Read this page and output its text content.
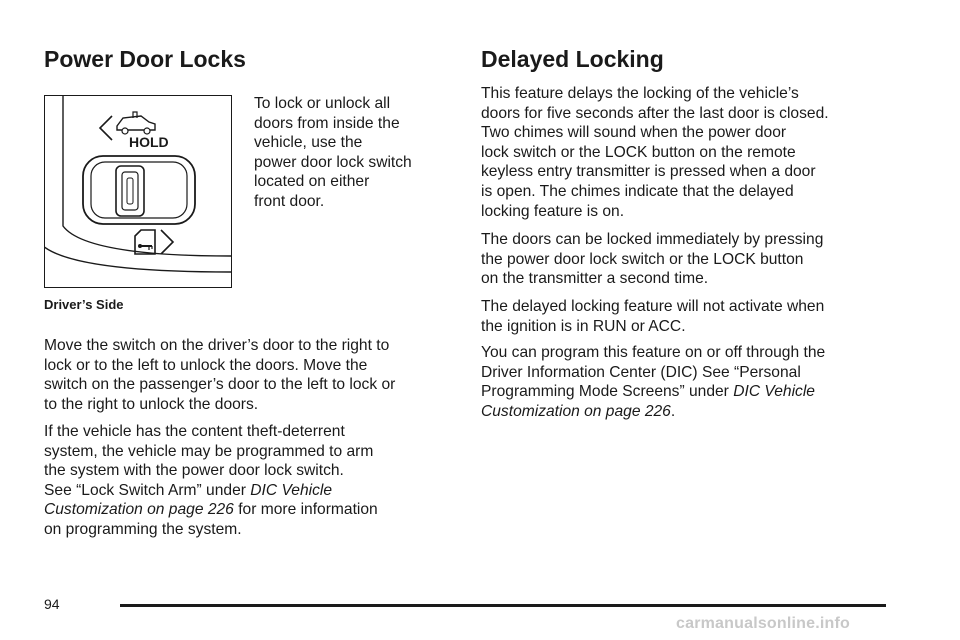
Power Door Locks
HOLD

Driver’s Side

To lock or unlock all
doors from inside the
vehicle, use the
power door lock switch
located on either
front door.

Move the switch on the driver’s door to the right to
lock or to the left to unlock the doors. Move the
switch on the passenger’s door to the left to lock or
to the right to unlock the doors.

If the vehicle has the content theft-deterrent
system, the vehicle may be programmed to arm
the system with the power door lock switch.
See “Lock Switch Arm” under DIC Vehicle
Customization on page 226 for more information
on programming the system.

Delayed Locking

This feature delays the locking of the vehicle’s
doors for five seconds after the last door is closed.
Two chimes will sound when the power door
lock switch or the LOCK button on the remote
keyless entry transmitter is pressed when a door
is open. The chimes indicate that the delayed
locking feature is on.

The doors can be locked immediately by pressing
the power door lock switch or the LOCK button
on the transmitter a second time.

The delayed locking feature will not activate when
the ignition is in RUN or ACC.

You can program this feature on or off through the
Driver Information Center (DIC) See “Personal
Programming Mode Screens” under DIC Vehicle
Customization on page 226.

94

carmanualsonline.info
